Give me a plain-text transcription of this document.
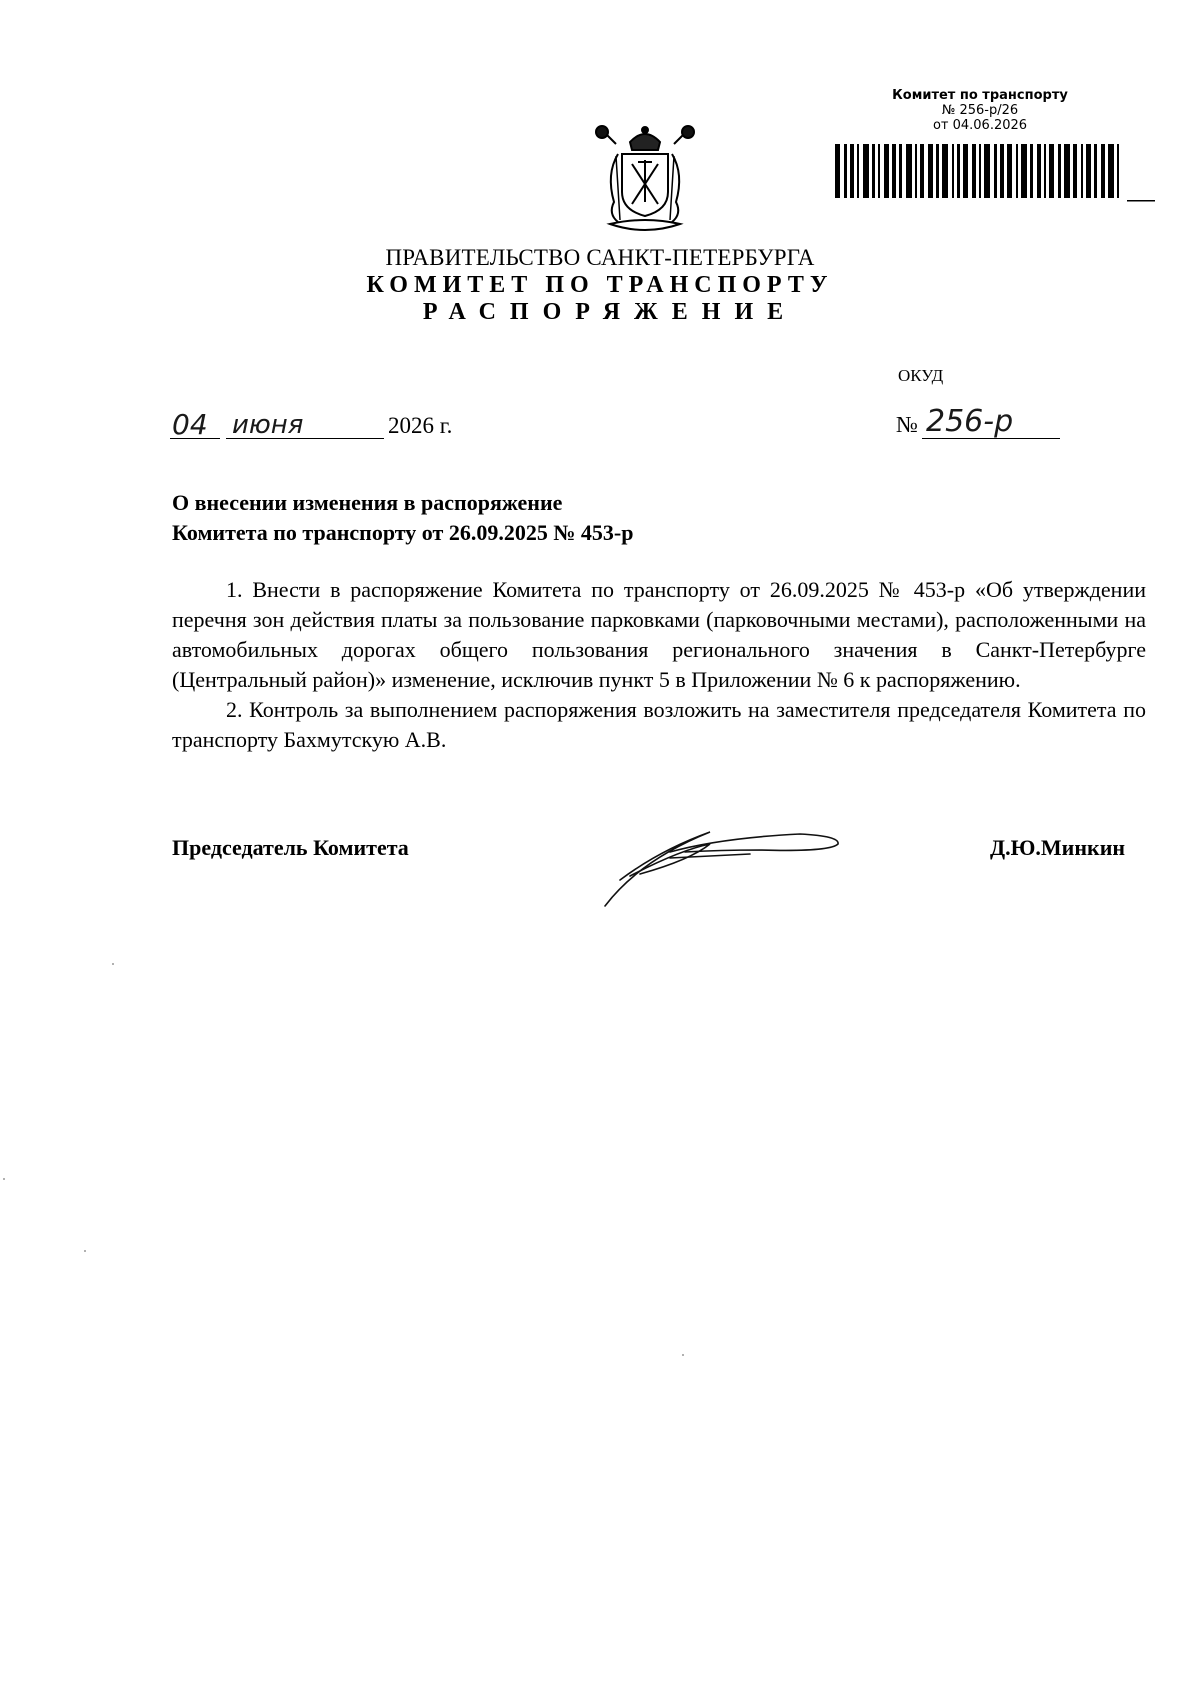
Комитет по транспорту
№ 256-р/26
от 04.06.2026
ПРАВИТЕЛЬСТВО САНКТ-ПЕТЕРБУРГА
КОМИТЕТ ПО ТРАНСПОРТУ
РАСПОРЯЖЕНИЕ
ОКУД
04 июня	2026 г.	№ 256-р
О внесении изменения в распоряжение
Комитета по транспорту от 26.09.2025 № 453-р

1. Внести в распоряжение Комитета по транспорту от 26.09.2025 № 453-р «Об утверждении перечня зон действия платы за пользование парковками (парковочными местами), расположенными на автомобильных дорогах общего пользования регионального значения в Санкт-Петербурге (Центральный район)» изменение, исключив пункт 5 в Приложении № 6 к распоряжению.

2. Контроль за выполнением распоряжения возложить на заместителя председателя Комитета по транспорту Бахмутскую А.В.

Председатель Комитета	Д.Ю.Минкин
